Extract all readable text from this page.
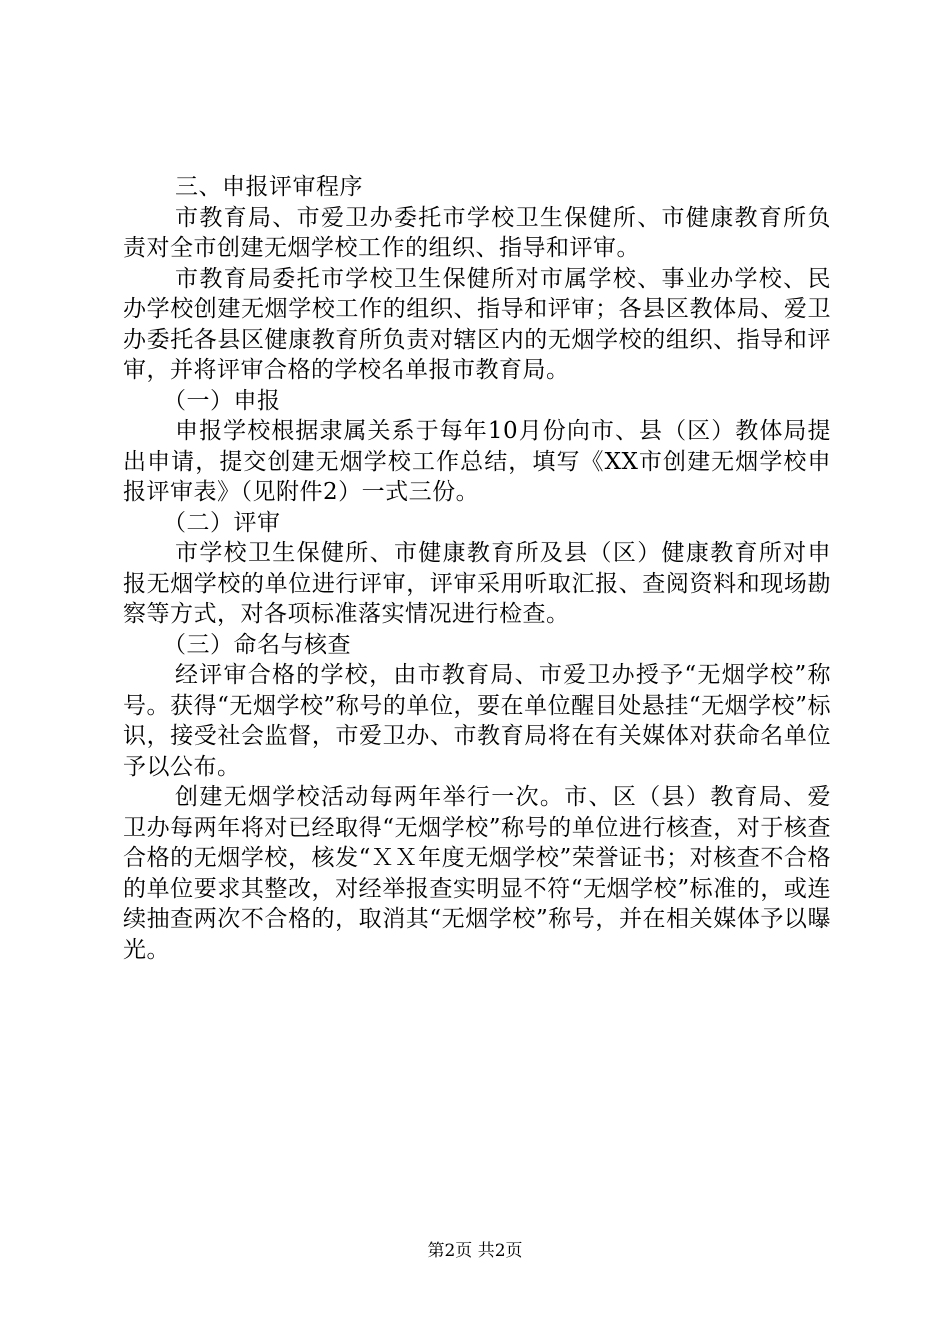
三、申报评审程序

市教育局、市爱卫办委托市学校卫生保健所、市健康教育所负责对全市创建无烟学校工作的组织、指导和评审。

市教育局委托市学校卫生保健所对市属学校、事业办学校、民办学校创建无烟学校工作的组织、指导和评审；各县区教体局、爱卫办委托各县区健康教育所负责对辖区内的无烟学校的组织、指导和评审，并将评审合格的学校名单报市教育局。

（一）申报

申报学校根据隶属关系于每年10月份向市、县（区）教体局提出申请，提交创建无烟学校工作总结，填写《XX市创建无烟学校申报评审表》（见附件2）一式三份。

（二）评审

市学校卫生保健所、市健康教育所及县（区）健康教育所对申报无烟学校的单位进行评审，评审采用听取汇报、查阅资料和现场勘察等方式，对各项标准落实情况进行检查。

（三）命名与核查

经评审合格的学校，由市教育局、市爱卫办授予“无烟学校”称号。获得“无烟学校”称号的单位，要在单位醒目处悬挂“无烟学校”标识，接受社会监督，市爱卫办、市教育局将在有关媒体对获命名单位予以公布。

创建无烟学校活动每两年举行一次。市、区（县）教育局、爱卫办每两年将对已经取得“无烟学校”称号的单位进行核查，对于核查合格的无烟学校，核发“ＸＸ年度无烟学校”荣誉证书；对核查不合格的单位要求其整改，对经举报查实明显不符“无烟学校”标准的，或连续抽查两次不合格的，取消其“无烟学校”称号，并在相关媒体予以曝光。

第2页 共2页
